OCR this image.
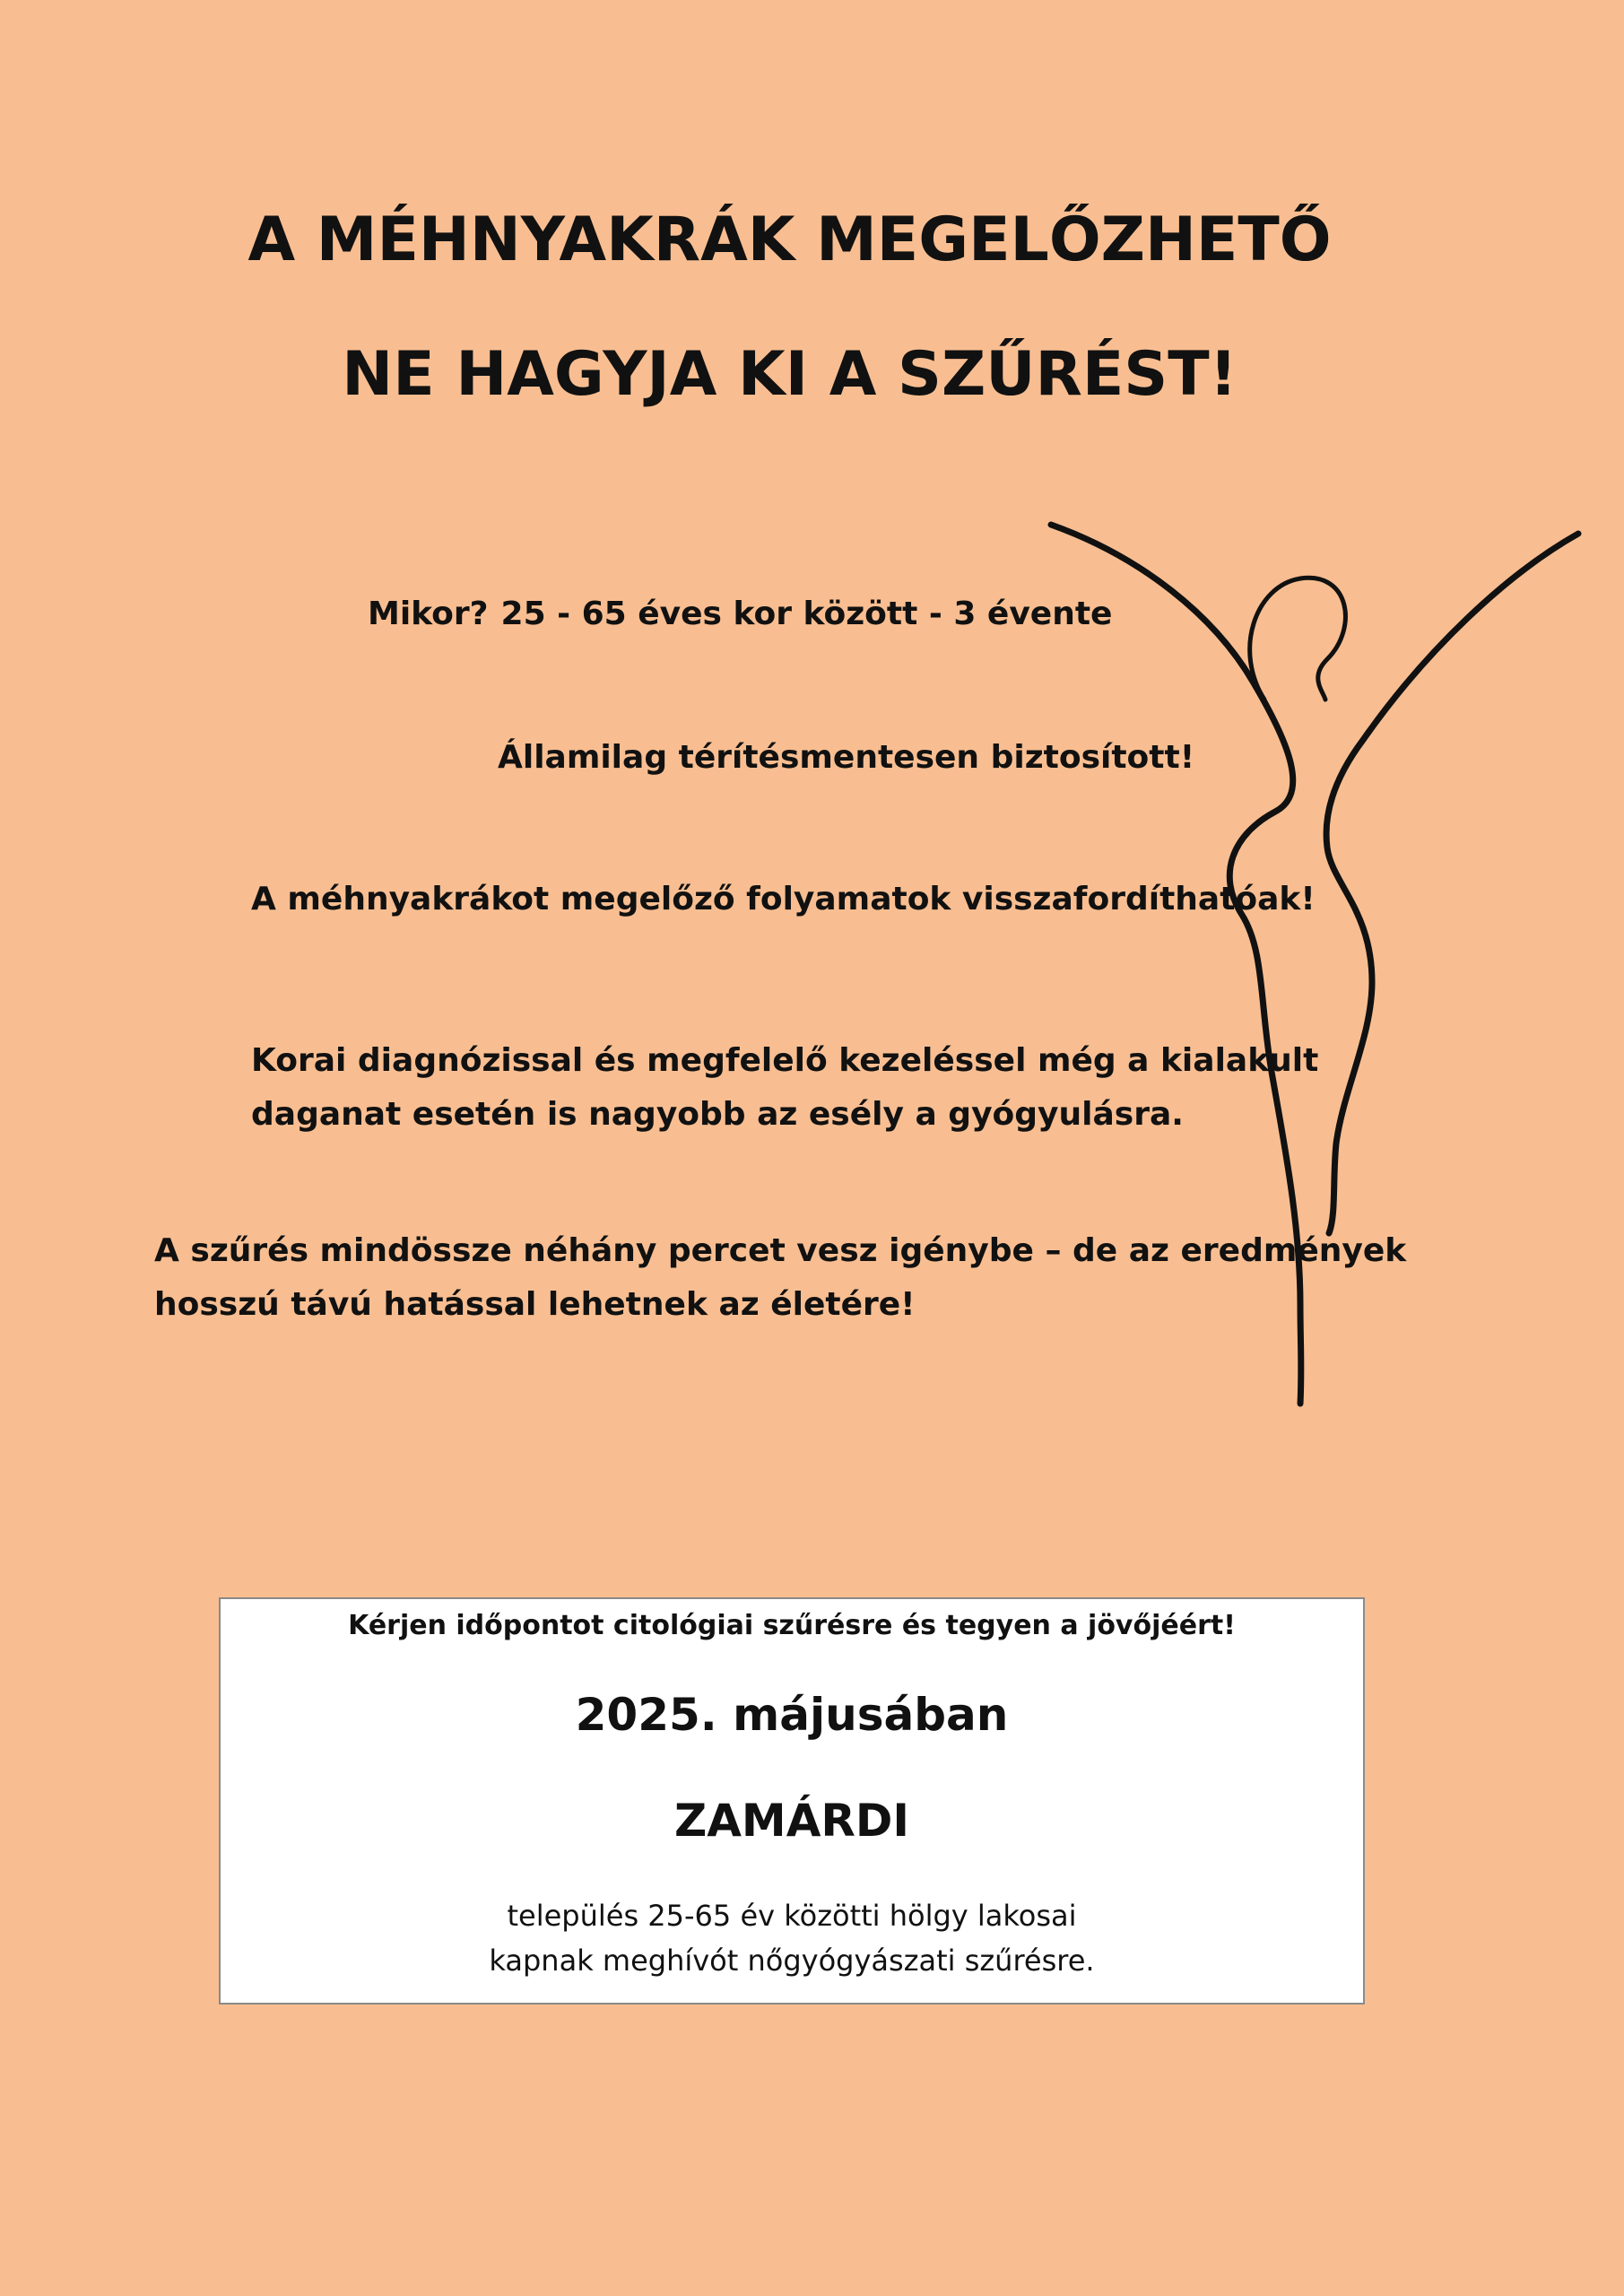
A MÉHNYAKRÁK MEGELŐZHETŐ
NE HAGYJA KI A SZŰRÉST!

Mikor? 25 - 65 éves kor között - 3 évente

Államilag térítésmentesen biztosított!

A méhnyakrákot megelőző folyamatok visszafordíthatóak!

Korai diagnózissal és megfelelő kezeléssel még a kialakult
daganat esetén is nagyobb az esély a gyógyulásra.

A szűrés mindössze néhány percet vesz igénybe – de az eredmények
hosszú távú hatással lehetnek az életére!

Kérjen időpontot citológiai szűrésre és tegyen a jövőjéért!

2025. májusában

ZAMÁRDI

település 25-65 év közötti hölgy lakosai
kapnak meghívót nőgyógyászati szűrésre.
